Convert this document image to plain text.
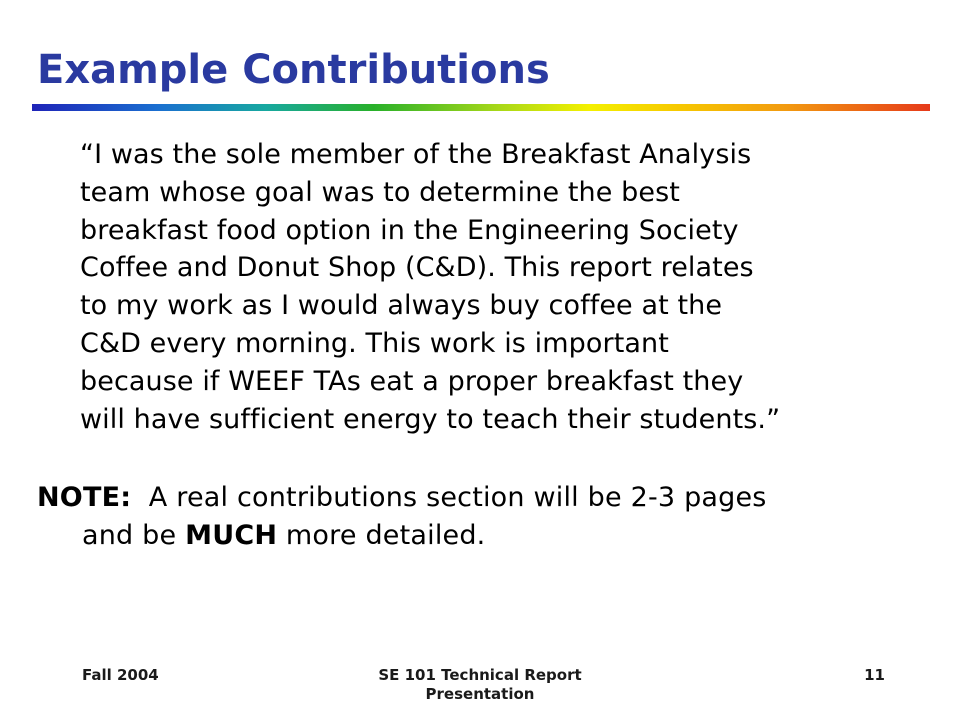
Example Contributions
“I was the sole member of the Breakfast Analysis
team whose goal was to determine the best
breakfast food option in the Engineering Society
Coffee and Donut Shop (C&D). This report relates
to my work as I would always buy coffee at the
C&D every morning. This work is important
because if WEEF TAs eat a proper breakfast they
will have sufficient energy to teach their students.”
NOTE:  A real contributions section will be 2-3 pages
and be MUCH more detailed.
Fall 2004	SE 101 Technical Report
Presentation
11
